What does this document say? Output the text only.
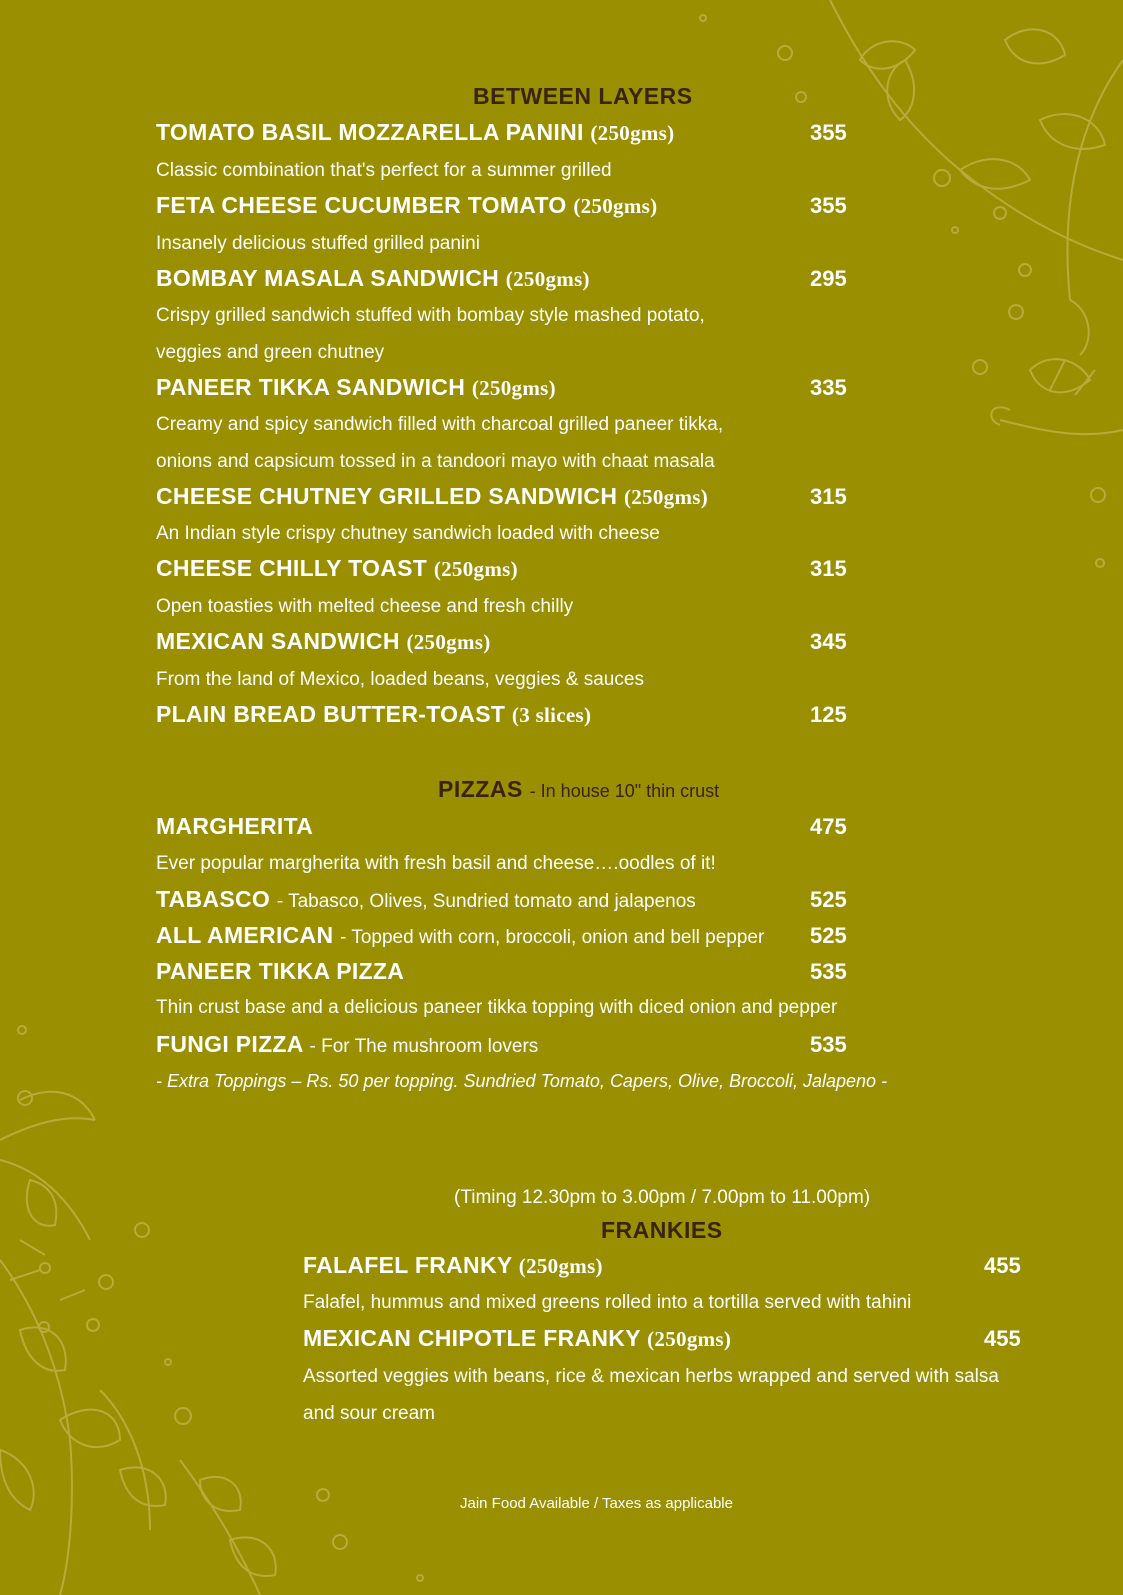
BETWEEN LAYERS
TOMATO BASIL MOZZARELLA PANINI (250gms)	355
Classic combination that's perfect for a summer grilled
FETA CHEESE CUCUMBER TOMATO (250gms)	355
Insanely delicious stuffed grilled panini
BOMBAY MASALA SANDWICH (250gms)	295
Crispy grilled sandwich stuffed with bombay style mashed potato,
veggies and green chutney
PANEER TIKKA SANDWICH (250gms)	335
Creamy and spicy sandwich filled with charcoal grilled paneer tikka,
onions and capsicum tossed in a tandoori mayo with chaat masala
CHEESE CHUTNEY GRILLED SANDWICH (250gms)	315
An Indian style crispy chutney sandwich loaded with cheese
CHEESE CHILLY TOAST (250gms)	315
Open toasties with melted cheese and fresh chilly
MEXICAN SANDWICH (250gms)	345
From the land of Mexico, loaded beans, veggies & sauces
PLAIN BREAD BUTTER-TOAST (3 slices)	125
PIZZAS - In house 10" thin crust
MARGHERITA	475
Ever popular margherita with fresh basil and cheese….oodles of it!
TABASCO - Tabasco, Olives, Sundried tomato and jalapenos	525
ALL AMERICAN - Topped with corn, broccoli, onion and bell pepper 525
PANEER TIKKA PIZZA	535
Thin crust base and a delicious paneer tikka topping with diced onion and pepper
FUNGI PIZZA - For The mushroom lovers	535
- Extra Toppings – Rs. 50 per topping. Sundried Tomato, Capers, Olive, Broccoli, Jalapeno -
(Timing 12.30pm to 3.00pm / 7.00pm to 11.00pm)
FRANKIES
FALAFEL FRANKY (250gms)	455
Falafel, hummus and mixed greens rolled into a tortilla served with tahini
MEXICAN CHIPOTLE FRANKY (250gms)	455
Assorted veggies with beans, rice & mexican herbs wrapped and served with salsa
and sour cream
Jain Food Available / Taxes as applicable
